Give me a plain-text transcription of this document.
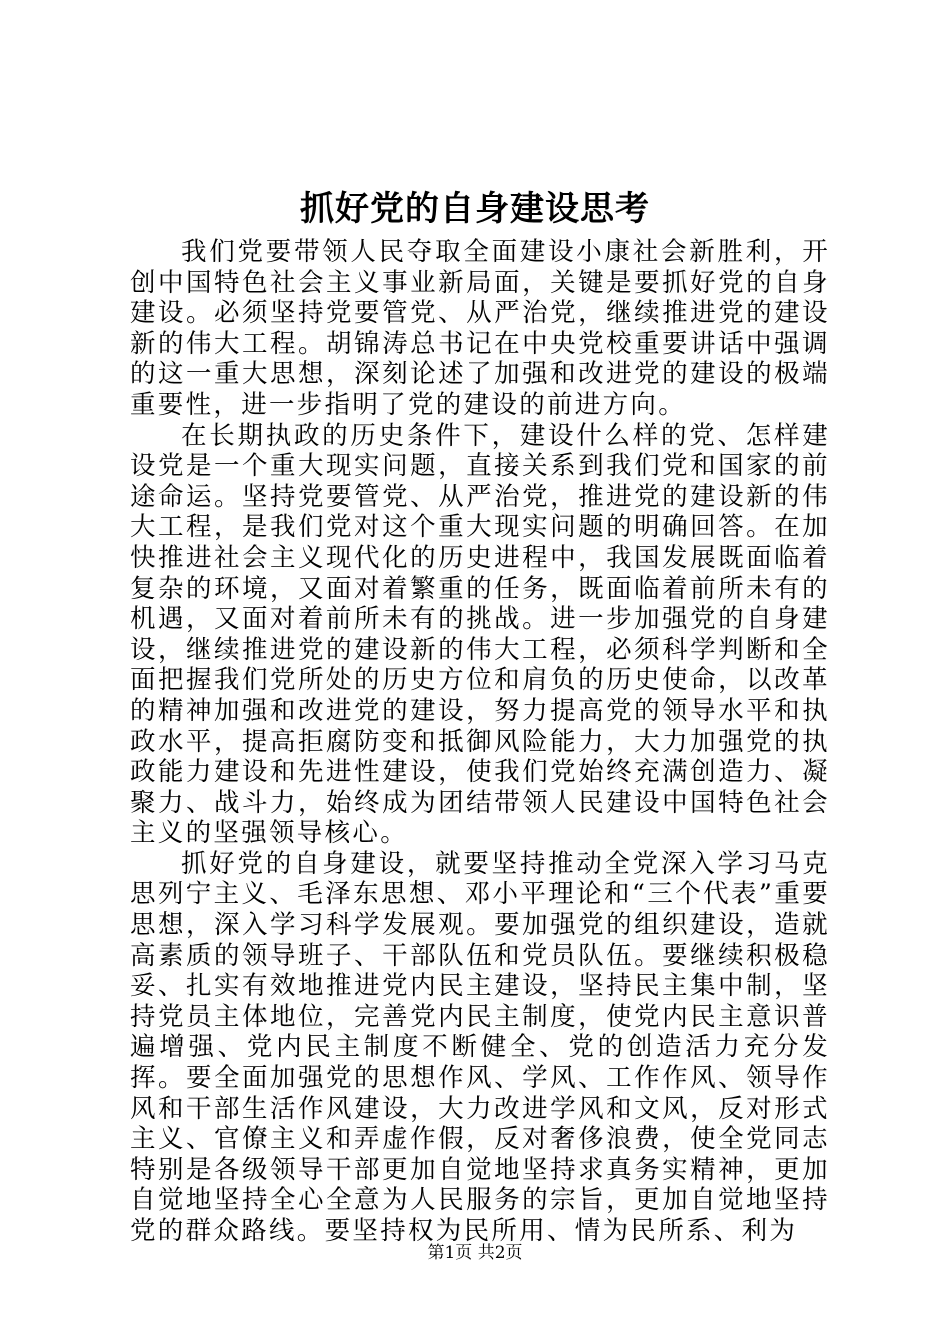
抓好党的自身建设思考

我们党要带领人民夺取全面建设小康社会新胜利，开创中国特色社会主义事业新局面，关键是要抓好党的自身建设。必须坚持党要管党、从严治党，继续推进党的建设新的伟大工程。胡锦涛总书记在中央党校重要讲话中强调的这一重大思想，深刻论述了加强和改进党的建设的极端重要性，进一步指明了党的建设的前进方向。

在长期执政的历史条件下，建设什么样的党、怎样建设党是一个重大现实问题，直接关系到我们党和国家的前途命运。坚持党要管党、从严治党，推进党的建设新的伟大工程，是我们党对这个重大现实问题的明确回答。在加快推进社会主义现代化的历史进程中，我国发展既面临着复杂的环境，又面对着繁重的任务，既面临着前所未有的机遇，又面对着前所未有的挑战。进一步加强党的自身建设，继续推进党的建设新的伟大工程，必须科学判断和全面把握我们党所处的历史方位和肩负的历史使命，以改革的精神加强和改进党的建设，努力提高党的领导水平和执政水平，提高拒腐防变和抵御风险能力，大力加强党的执政能力建设和先进性建设，使我们党始终充满创造力、凝聚力、战斗力，始终成为团结带领人民建设中国特色社会主义的坚强领导核心。

抓好党的自身建设，就要坚持推动全党深入学习马克思列宁主义、毛泽东思想、邓小平理论和“三个代表”重要思想，深入学习科学发展观。要加强党的组织建设，造就高素质的领导班子、干部队伍和党员队伍。要继续积极稳妥、扎实有效地推进党内民主建设，坚持民主集中制，坚持党员主体地位，完善党内民主制度，使党内民主意识普遍增强、党内民主制度不断健全、党的创造活力充分发挥。要全面加强党的思想作风、学风、工作作风、领导作风和干部生活作风建设，大力改进学风和文风，反对形式主义、官僚主义和弄虚作假，反对奢侈浪费，使全党同志特别是各级领导干部更加自觉地坚持求真务实精神，更加自觉地坚持全心全意为人民服务的宗旨，更加自觉地坚持党的群众路线。要坚持权为民所用、情为民所系、利为

第1页 共2页
